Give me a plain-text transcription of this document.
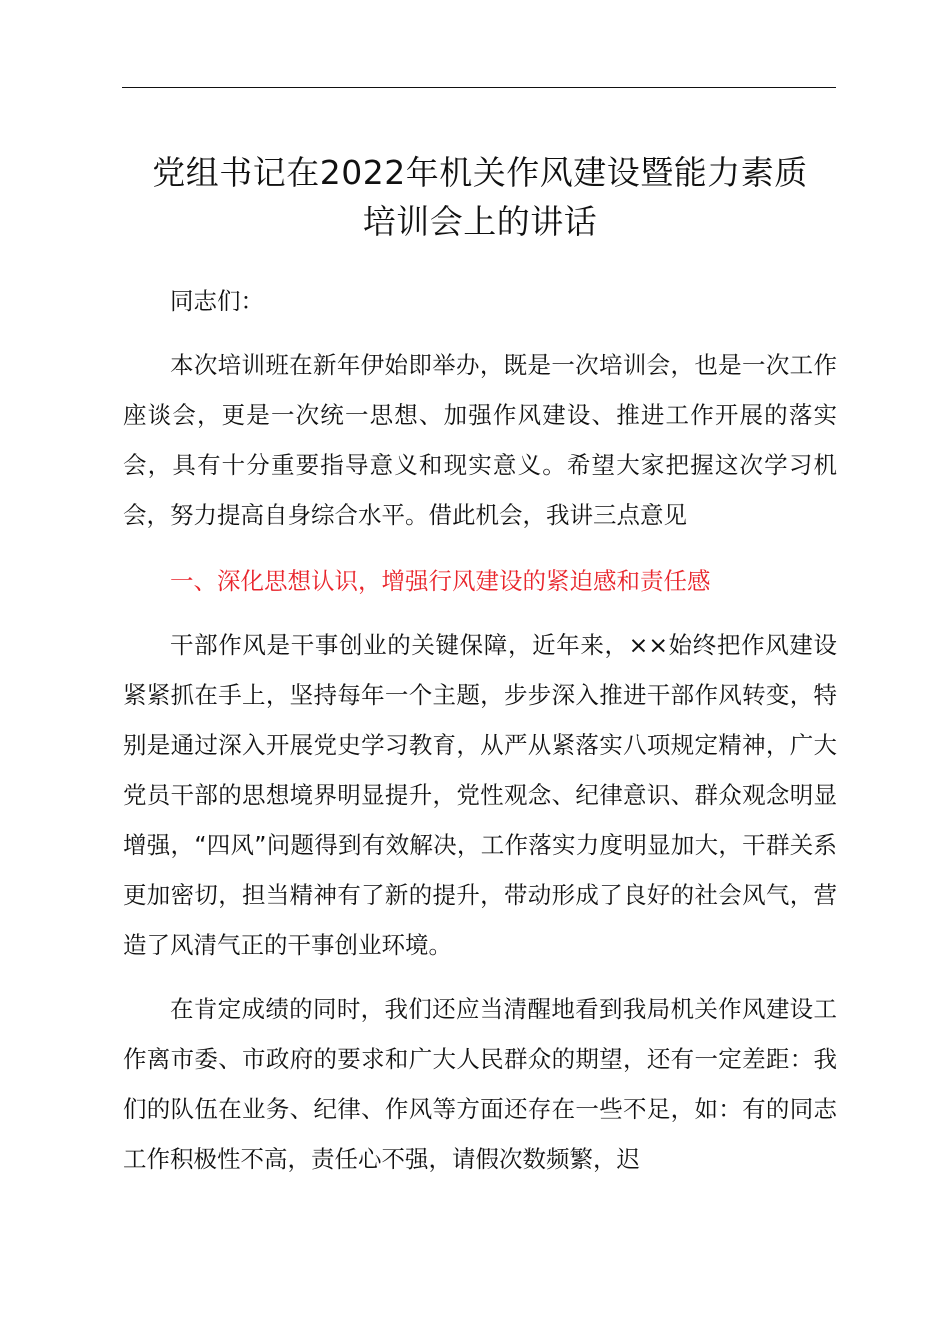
党组书记在2022年机关作风建设暨能力素质
培训会上的讲话

同志们：

本次培训班在新年伊始即举办，既是一次培训会，也是一次工作座谈会，更是一次统一思想、加强作风建设、推进工作开展的落实会，具有十分重要指导意义和现实意义。希望大家把握这次学习机会，努力提高自身综合水平。借此机会，我讲三点意见

一、深化思想认识，增强行风建设的紧迫感和责任感

干部作风是干事创业的关键保障，近年来，××始终把作风建设紧紧抓在手上，坚持每年一个主题，步步深入推进干部作风转变，特别是通过深入开展党史学习教育，从严从紧落实八项规定精神，广大党员干部的思想境界明显提升，党性观念、纪律意识、群众观念明显增强，“四风”问题得到有效解决，工作落实力度明显加大，干群关系更加密切，担当精神有了新的提升，带动形成了良好的社会风气，营造了风清气正的干事创业环境。

在肯定成绩的同时，我们还应当清醒地看到我局机关作风建设工作离市委、市政府的要求和广大人民群众的期望，还有一定差距：我们的队伍在业务、纪律、作风等方面还存在一些不足，如：有的同志工作积极性不高，责任心不强，请假次数频繁，迟
